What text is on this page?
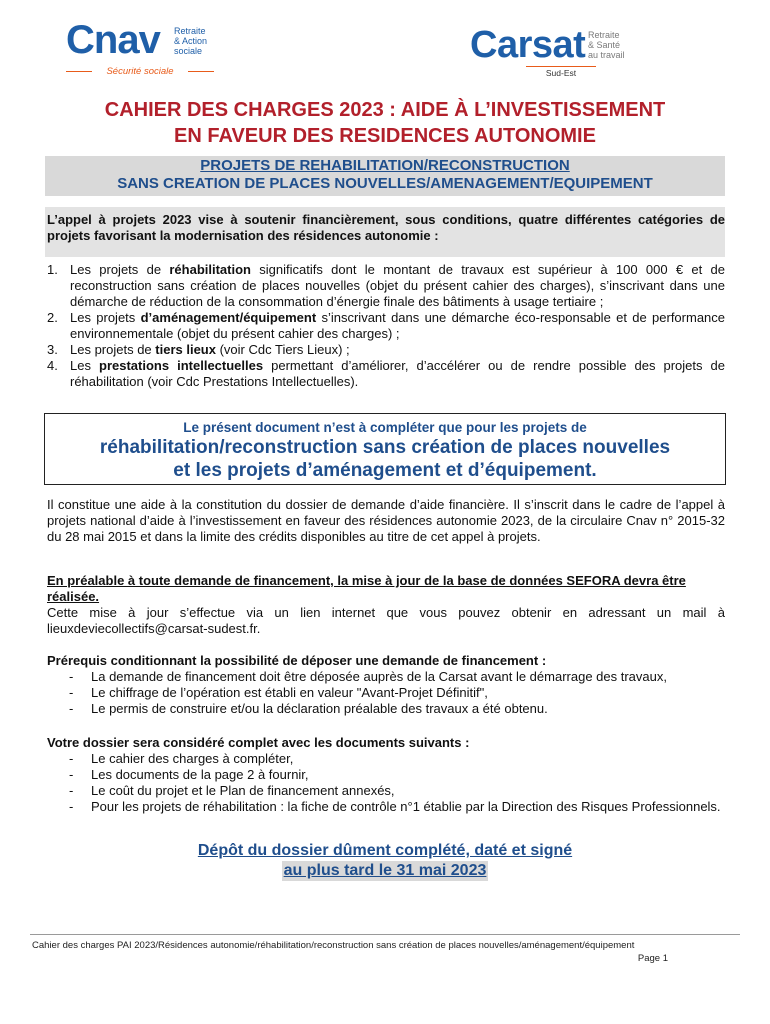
Cnav Retraite
& Action
sociale
Sécurité sociale
Carsat Retraite
& Santé
au travail
Sud-Est
CAHIER DES CHARGES 2023 : AIDE À L’INVESTISSEMENT
EN FAVEUR DES RESIDENCES AUTONOMIE
PROJETS DE REHABILITATION/RECONSTRUCTION
SANS CREATION DE PLACES NOUVELLES/AMENAGEMENT/EQUIPEMENT
L’appel à projets 2023 vise à soutenir financièrement, sous conditions, quatre différentes catégories de projets favorisant la modernisation des résidences autonomie :
1. Les projets de réhabilitation significatifs dont le montant de travaux est supérieur à 100 000 € et de reconstruction sans création de places nouvelles (objet du présent cahier des charges), s’inscrivant dans une démarche de réduction de la consommation d’énergie finale des bâtiments à usage tertiaire ;
2. Les projets d’aménagement/équipement s’inscrivant dans une démarche éco-responsable et de performance environnementale (objet du présent cahier des charges) ;
3. Les projets de tiers lieux (voir Cdc Tiers Lieux) ;
4. Les prestations intellectuelles permettant d’améliorer, d’accélérer ou de rendre possible des projets de réhabilitation (voir Cdc Prestations Intellectuelles).
Le présent document n’est à compléter que pour les projets de
réhabilitation/reconstruction sans création de places nouvelles
et les projets d’aménagement et d’équipement.
Il constitue une aide à la constitution du dossier de demande d’aide financière. Il s’inscrit dans le cadre de l’appel à projets national d’aide à l’investissement en faveur des résidences autonomie 2023, de la circulaire Cnav n° 2015-32 du 28 mai 2015 et dans la limite des crédits disponibles au titre de cet appel à projets.
En préalable à toute demande de financement, la mise à jour de la base de données SEFORA devra être réalisée.
Cette mise à jour s’effectue via un lien internet que vous pouvez obtenir en adressant un mail à lieuxdeviecollectifs@carsat-sudest.fr.
Prérequis conditionnant la possibilité de déposer une demande de financement :
- La demande de financement doit être déposée auprès de la Carsat avant le démarrage des travaux,
- Le chiffrage de l’opération est établi en valeur "Avant-Projet Définitif",
- Le permis de construire et/ou la déclaration préalable des travaux a été obtenu.
Votre dossier sera considéré complet avec les documents suivants :
- Le cahier des charges à compléter,
- Les documents de la page 2 à fournir,
- Le coût du projet et le Plan de financement annexés,
- Pour les projets de réhabilitation : la fiche de contrôle n°1 établie par la Direction des Risques Professionnels.
Dépôt du dossier dûment complété, daté et signé
au plus tard le 31 mai 2023
Cahier des charges PAI 2023/Résidences autonomie/réhabilitation/reconstruction sans création de places nouvelles/aménagement/équipement
Page 1
